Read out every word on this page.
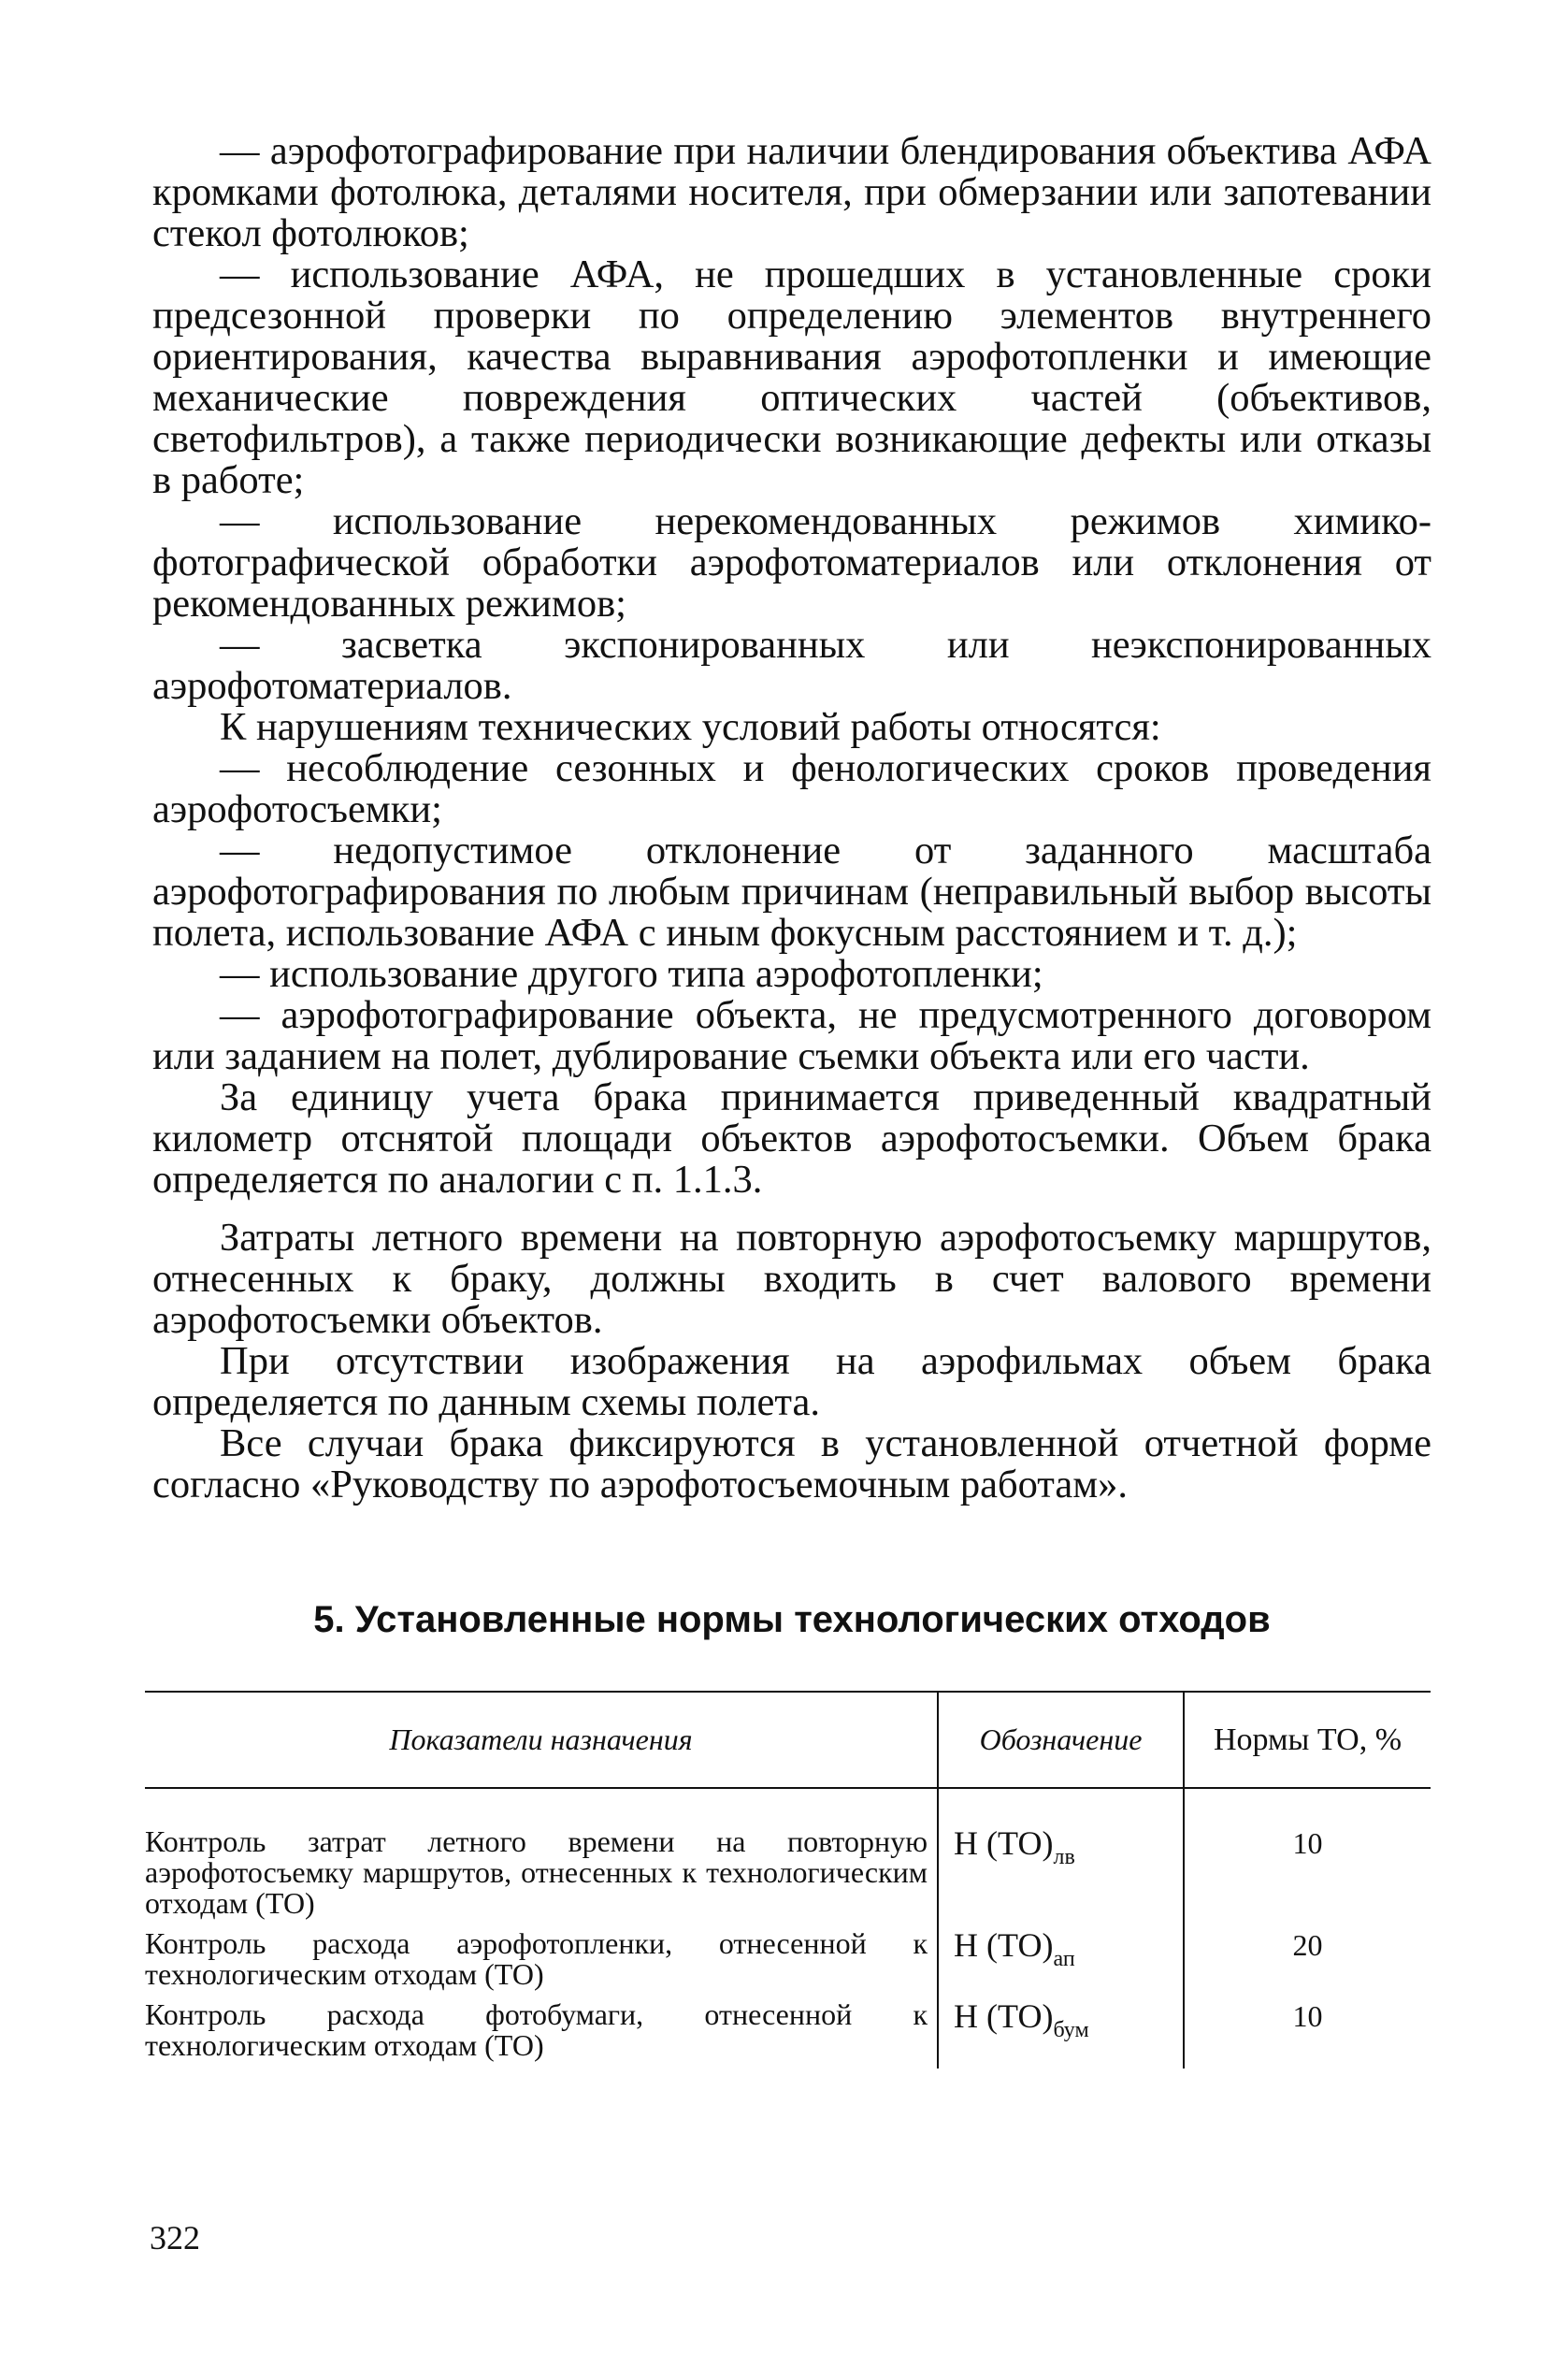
— аэрофотографирование при наличии блендирования объектива АФА кромками фотолюка, деталями носителя, при обмерзании или запотевании стекол фотолюков;

— использование АФА, не прошедших в установленные сроки предсезонной проверки по определению элементов внутреннего ориентирования, качества выравнивания аэрофотопленки и имеющие механические повреждения оптических частей (объективов, светофильтров), а также периодически возникающие дефекты или отказы в работе;

— использование нерекомендованных режимов химико-фотографической обработки аэрофотоматериалов или отклонения от рекомендованных режимов;

— засветка экспонированных или неэкспонированных аэрофотоматериалов.

К нарушениям технических условий работы относятся:

— несоблюдение сезонных и фенологических сроков проведения аэрофотосъемки;

— недопустимое отклонение от заданного масштаба аэрофотографирования по любым причинам (неправильный выбор высоты полета, использование АФА с иным фокусным расстоянием и т. д.);

— использование другого типа аэрофотопленки;

— аэрофотографирование объекта, не предусмотренного договором или заданием на полет, дублирование съемки объекта или его части.

За единицу учета брака принимается приведенный квадратный километр отснятой площади объектов аэрофотосъемки. Объем брака определяется по аналогии с п. 1.1.3.

Затраты летного времени на повторную аэрофотосъемку маршрутов, отнесенных к браку, должны входить в счет валового времени аэрофотосъемки объектов.

При отсутствии изображения на аэрофильмах объем брака определяется по данным схемы полета.

Все случаи брака фиксируются в установленной отчетной форме согласно «Руководству по аэрофотосъемочным работам».

5. Установленные нормы технологических отходов
Показатели назначения	Обозначение	Нормы ТО, %
Контроль затрат летного времени на повторную аэрофотосъемку маршрутов, отнесенных к технологическим отходам (ТО)	Н $(ТО)_{лв}$	10
Контроль расхода аэрофотопленки, отнесенной к технологическим отходам (ТО)	Н $(ТО)_{ап}$	20
Контроль расхода фотобумаги, отнесенной к технологическим отходам (ТО)	Н $(ТО)_{бум}$	10
322
